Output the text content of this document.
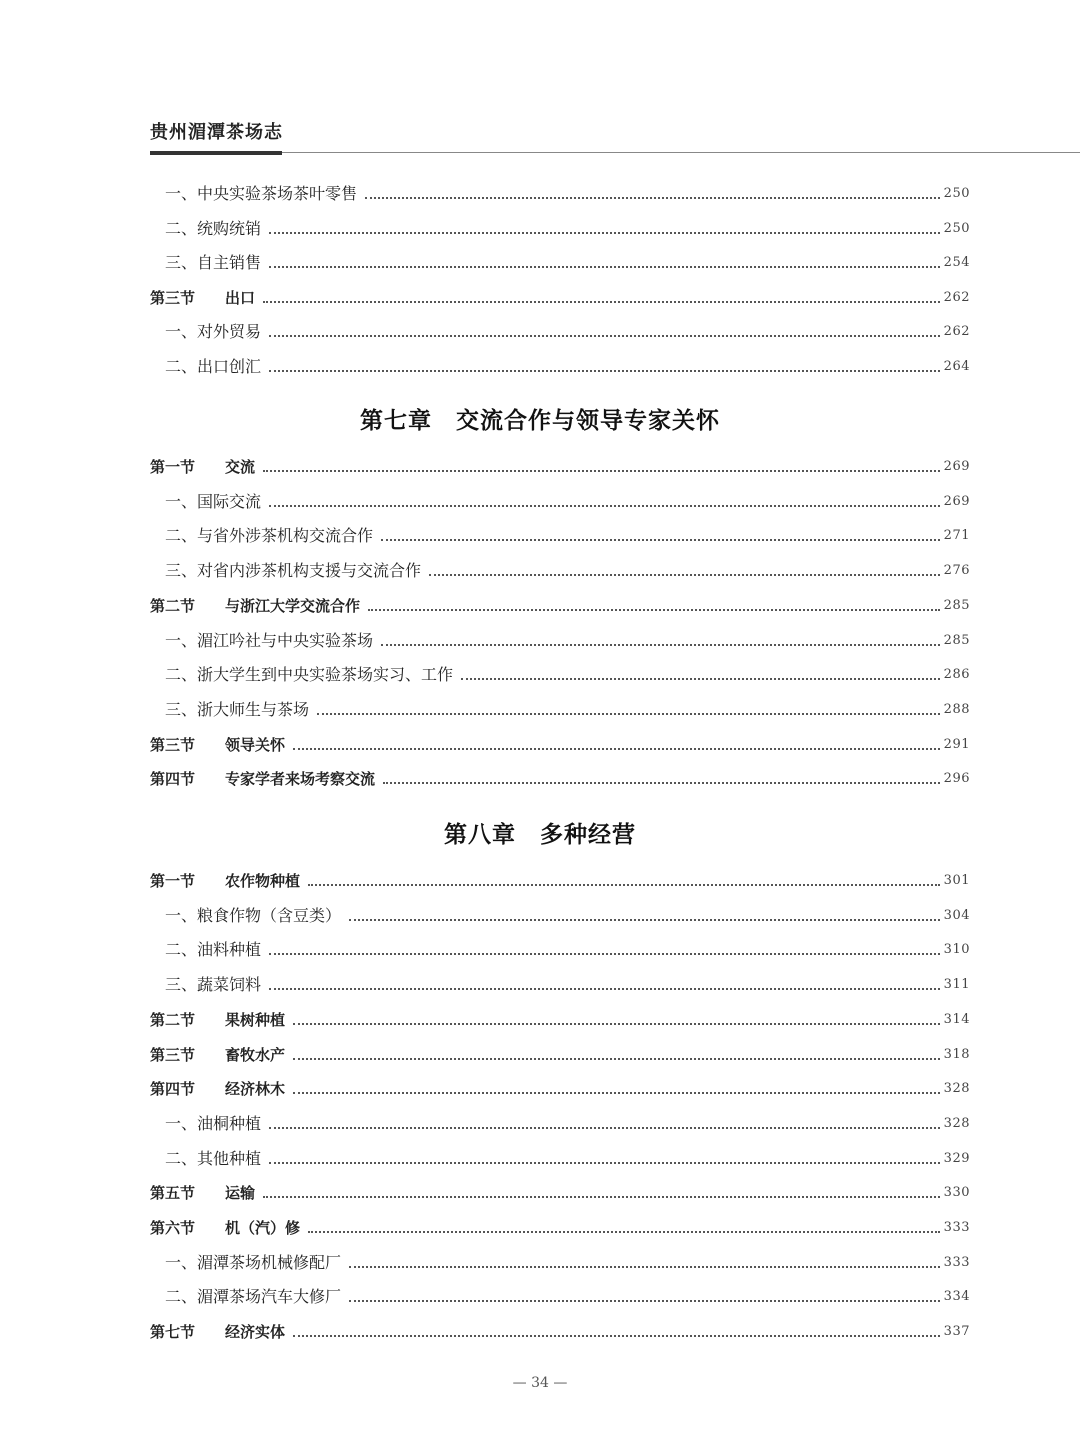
贵州湄潭茶场志
一、中央实验茶场茶叶零售	250
二、统购统销	250
三、自主销售	254
第三节	出口	262
一、对外贸易	262
二、出口创汇	264
第七章　交流合作与领导专家关怀
第一节	交流	269
一、国际交流	269
二、与省外涉茶机构交流合作	271
三、对省内涉茶机构支援与交流合作	276
第二节	与浙江大学交流合作	285
一、湄江吟社与中央实验茶场	285
二、浙大学生到中央实验茶场实习、工作	286
三、浙大师生与茶场	288
第三节	领导关怀	291
第四节	专家学者来场考察交流	296
第八章　多种经营
第一节	农作物种植	301
一、粮食作物（含豆类）	304
二、油料种植	310
三、蔬菜饲料	311
第二节	果树种植	314
第三节	畜牧水产	318
第四节	经济林木	328
一、油桐种植	328
二、其他种植	329
第五节	运输	330
第六节	机（汽）修	333
一、湄潭茶场机械修配厂	333
二、湄潭茶场汽车大修厂	334
第七节	经济实体	337
— 34 —
